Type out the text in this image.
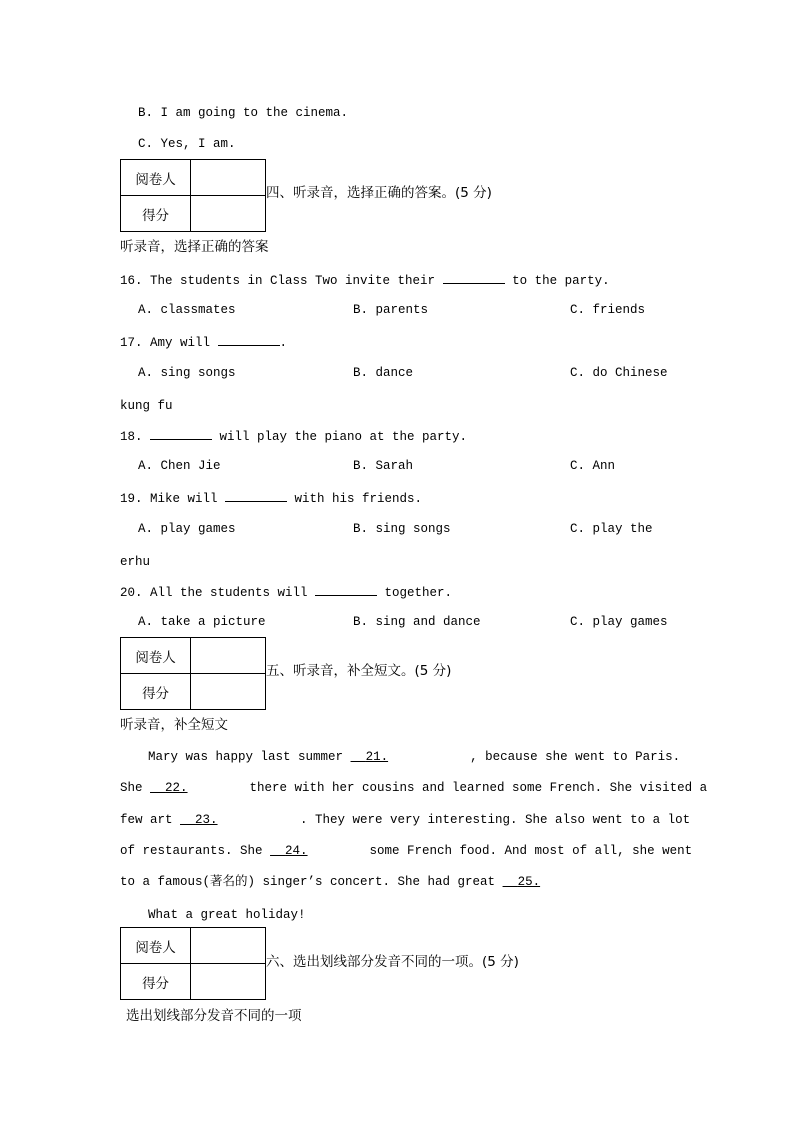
B. I am going to the cinema.
C. Yes, I am.
阅卷人	
得分	
四、听录音，选择正确的答案。(5 分)
听录音，选择正确的答案
16. The students in Class Two invite their	to the party.
A. classmates	B. parents	C. friends
17. Amy will	.
A. sing songs	B. dance	C. do Chinese
kung fu
18.	will play the piano at the party.
A. Chen Jie	B. Sarah	C. Ann
19. Mike will	with his friends.
A. play games	B. sing songs	C. play the
erhu
20. All the students will	together.
A. take a picture	B. sing and dance	C. play games
阅卷人	
得分	
五、听录音，补全短文。(5 分)
听录音，补全短文
Mary was happy last summer   21.	, because she went to Paris.
She   22.	there with her cousins and learned some French. She visited a
few art   23.	. They were very interesting. She also went to a lot
of restaurants. She   24.	some French food. And most of all, she went
to a famous(著名的) singer’s concert. She had great   25.
What a great holiday!
阅卷人	
得分	
六、选出划线部分发音不同的一项。(5 分)
选出划线部分发音不同的一项
